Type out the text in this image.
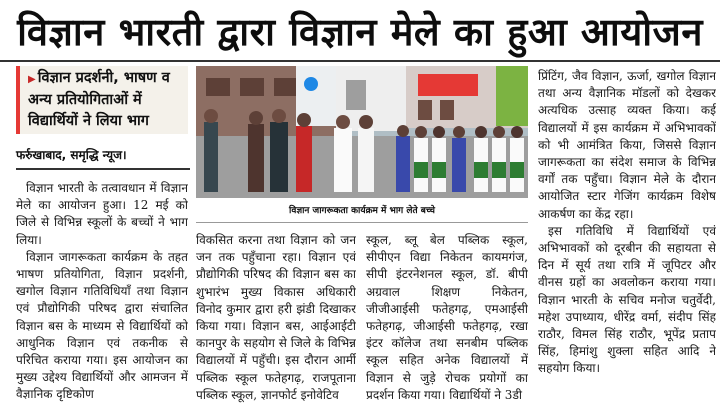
विज्ञान भारती द्वारा विज्ञान मेले का हुआ आयोजन
▶ विज्ञान प्रदर्शनी, भाषण व अन्य प्रतियोगिताओं में विद्यार्थियों ने लिया भाग
फर्रुखाबाद, समृद्धि न्यूज।

विज्ञान भारती के तत्वावधान में विज्ञान मेले का आयोजन हुआ। 12 मई को जिले से विभिन्न स्कूलों के बच्चों ने भाग लिया।

विज्ञान जागरूकता कार्यक्रम के तहत भाषण प्रतियोगिता, विज्ञान प्रदर्शनी, खगोल विज्ञान गतिविधियाँ तथा विज्ञान एवं प्रौद्योगिकी परिषद द्वारा संचालित विज्ञान बस के माध्यम से विद्यार्थियों को आधुनिक विज्ञान एवं तकनीक से परिचित कराया गया। इस आयोजन का मुख्य उद्देश्य विद्यार्थियों और आमजन में वैज्ञानिक दृष्टिकोण

विज्ञान जागरूकता कार्यक्रम में भाग लेते बच्चे

विकसित करना तथा विज्ञान को जन जन तक पहुँचाना रहा। विज्ञान एवं प्रौद्योगिकी परिषद की विज्ञान बस का शुभारंभ मुख्य विकास अधिकारी विनोद कुमार द्वारा हरी झंडी दिखाकर किया गया। विज्ञान बस, आईआईटी कानपुर के सहयोग से जिले के विभिन्न विद्यालयों में पहुँची। इस दौरान आर्मी पब्लिक स्कूल फतेहगढ़, राजपूताना पब्लिक स्कूल, ज्ञानफोर्ट इनोवेटिव

स्कूल, ब्लू बेल पब्लिक स्कूल, सीपीएन विद्या निकेतन कायमगंज, सीपी इंटरनेशनल स्कूल, डॉ. बीपी अग्रवाल शिक्षण निकेतन, जीजीआईसी फतेहगढ़, एमआईसी फतेहगढ़, जीआईसी फतेहगढ़, रखा इंटर कॉलेज तथा सनबीम पब्लिक स्कूल सहित अनेक विद्यालयों में विज्ञान से जुड़े रोचक प्रयोगों का प्रदर्शन किया गया। विद्यार्थियों ने 3डी

प्रिंटिंग, जैव विज्ञान, ऊर्जा, खगोल विज्ञान तथा अन्य वैज्ञानिक मॉडलों को देखकर अत्यधिक उत्साह व्यक्त किया। कई विद्यालयों में इस कार्यक्रम में अभिभावकों को भी आमंत्रित किया, जिससे विज्ञान जागरूकता का संदेश समाज के विभिन्न वर्गों तक पहुँचा। विज्ञान मेले के दौरान आयोजित स्टार गेजिंग कार्यक्रम विशेष आकर्षण का केंद्र रहा।

इस गतिविधि में विद्यार्थियों एवं अभिभावकों को दूरबीन की सहायता से दिन में सूर्य तथा रात्रि में जूपिटर और वीनस ग्रहों का अवलोकन कराया गया। विज्ञान भारती के सचिव मनोज चतुर्वेदी, महेश उपाध्याय, धीरेंद्र वर्मा, संदीप सिंह राठौर, विमल सिंह राठौर, भूपेंद्र प्रताप सिंह, हिमांशु शुक्ला सहित आदि ने सहयोग किया।
